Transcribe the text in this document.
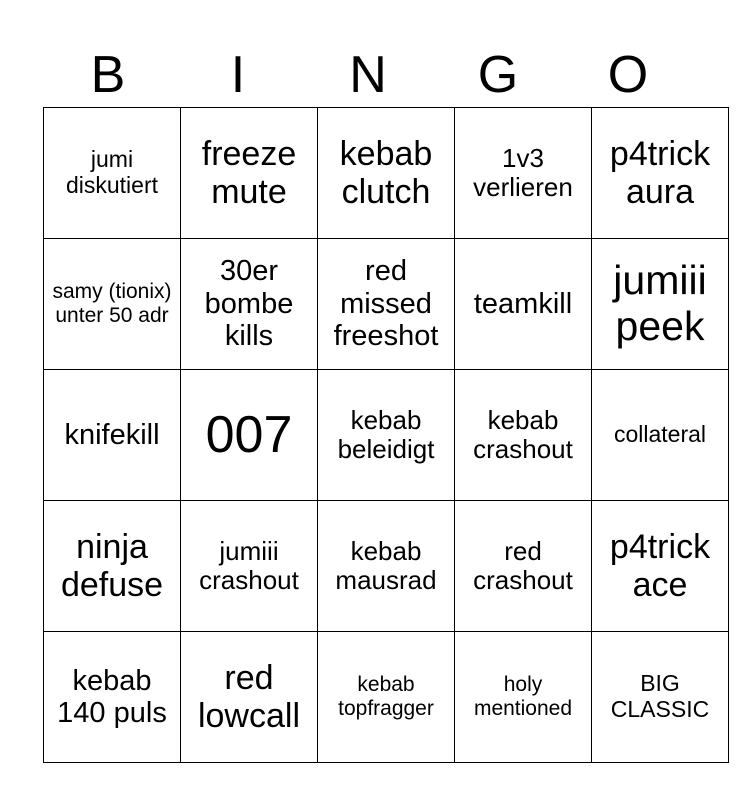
B	I	N	G	O
jumi diskutiert	freeze mute	kebab clutch	1v3 verlieren	p4trick aura
samy (tionix) unter 50 adr	30er bombe kills	red missed freeshot	teamkill	jumiii peek
knifekill	007	kebab beleidigt	kebab crashout	collateral
ninja defuse	jumiii crashout	kebab mausrad	red crashout	p4trick ace
kebab 140 puls	red lowcall	kebab topfragger	holy mentioned	BIG CLASSIC
